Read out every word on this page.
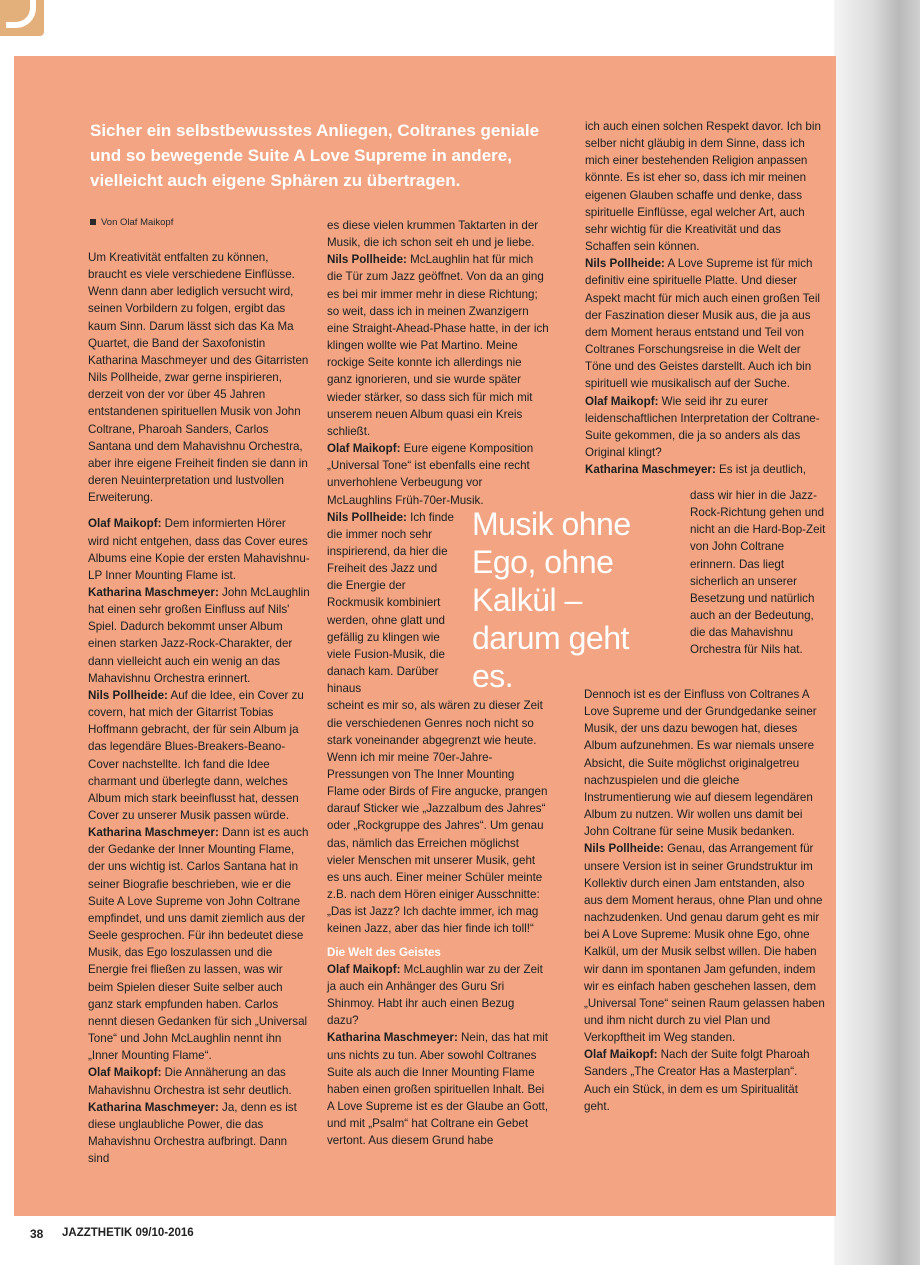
Sicher ein selbstbewusstes Anliegen, Coltranes geniale und so bewegende Suite A Love Supreme in andere, vielleicht auch eigene Sphären zu übertragen.

Von Olaf Maikopf

Um Kreativität entfalten zu können, braucht es viele verschiedene Einflüsse. Wenn dann aber lediglich versucht wird, seinen Vorbildern zu folgen, ergibt das kaum Sinn. Darum lässt sich das Ka Ma Quartet, die Band der Saxofonistin Katharina Maschmeyer und des Gitarristen Nils Pollheide, zwar gerne inspirieren, derzeit von der vor über 45 Jahren entstandenen spirituellen Musik von John Coltrane, Pharoah Sanders, Carlos Santana und dem Mahavishnu Orchestra, aber ihre eigene Freiheit finden sie dann in deren Neuinterpretation und lustvollen Erweiterung.

Olaf Maikopf: Dem informierten Hörer wird nicht entgehen, dass das Cover eures Albums eine Kopie der ersten Mahavishnu-LP Inner Mounting Flame ist.

Katharina Maschmeyer: John McLaughlin hat einen sehr großen Einfluss auf Nils' Spiel. Dadurch bekommt unser Album einen starken Jazz-Rock-Charakter, der dann vielleicht auch ein wenig an das Mahavishnu Orchestra erinnert.

Nils Pollheide: Auf die Idee, ein Cover zu covern, hat mich der Gitarrist Tobias Hoffmann gebracht, der für sein Album ja das legendäre Blues-Breakers-Beano-Cover nachstellte. Ich fand die Idee charmant und überlegte dann, welches Album mich stark beeinflusst hat, dessen Cover zu unserer Musik passen würde.

Katharina Maschmeyer: Dann ist es auch der Gedanke der Inner Mounting Flame, der uns wichtig ist. Carlos Santana hat in seiner Biografie beschrieben, wie er die Suite A Love Supreme von John Coltrane empfindet, und uns damit ziemlich aus der Seele gesprochen. Für ihn bedeutet diese Musik, das Ego loszulassen und die Energie frei fließen zu lassen, was wir beim Spielen dieser Suite selber auch ganz stark empfunden haben. Carlos nennt diesen Gedanken für sich „Universal Tone“ und John McLaughlin nennt ihn „Inner Mounting Flame“.

Olaf Maikopf: Die Annäherung an das Mahavishnu Orchestra ist sehr deutlich.

Katharina Maschmeyer: Ja, denn es ist diese unglaubliche Power, die das Mahavishnu Orchestra aufbringt. Dann sind

es diese vielen krummen Taktarten in der Musik, die ich schon seit eh und je liebe.

Nils Pollheide: McLaughlin hat für mich die Tür zum Jazz geöffnet. Von da an ging es bei mir immer mehr in diese Richtung; so weit, dass ich in meinen Zwanzigern eine Straight-Ahead-Phase hatte, in der ich klingen wollte wie Pat Martino. Meine rockige Seite konnte ich allerdings nie ganz ignorieren, und sie wurde später wieder stärker, so dass sich für mich mit unserem neuen Album quasi ein Kreis schließt.

Olaf Maikopf: Eure eigene Komposition „Universal Tone“ ist ebenfalls eine recht unverhohlene Verbeugung vor McLaughlins Früh-70er-Musik.

Nils Pollheide: Ich finde die immer noch sehr inspirierend, da hier die Freiheit des Jazz und die Energie der Rockmusik kombiniert werden, ohne glatt und gefällig zu klingen wie viele Fusion-Musik, die danach kam. Darüber hinaus

scheint es mir so, als wären zu dieser Zeit die verschiedenen Genres noch nicht so stark voneinander abgegrenzt wie heute. Wenn ich mir meine 70er-Jahre-Pressungen von The Inner Mounting Flame oder Birds of Fire angucke, prangen darauf Sticker wie „Jazzalbum des Jahres“ oder „Rockgruppe des Jahres“. Um genau das, nämlich das Erreichen möglichst vieler Menschen mit unserer Musik, geht es uns auch. Einer meiner Schüler meinte z.B. nach dem Hören einiger Ausschnitte: „Das ist Jazz? Ich dachte immer, ich mag keinen Jazz, aber das hier finde ich toll!“

Die Welt des Geistes

Olaf Maikopf: McLaughlin war zu der Zeit ja auch ein Anhänger des Guru Sri Shinmoy. Habt ihr auch einen Bezug dazu?

Katharina Maschmeyer: Nein, das hat mit uns nichts zu tun. Aber sowohl Coltranes Suite als auch die Inner Mounting Flame haben einen großen spirituellen Inhalt. Bei A Love Supreme ist es der Glaube an Gott, und mit „Psalm“ hat Coltrane ein Gebet vertont. Aus diesem Grund habe

Musik ohne Ego, ohne Kalkül – darum geht es.

ich auch einen solchen Respekt davor. Ich bin selber nicht gläubig in dem Sinne, dass ich mich einer bestehenden Religion anpassen könnte. Es ist eher so, dass ich mir meinen eigenen Glauben schaffe und denke, dass spirituelle Einflüsse, egal welcher Art, auch sehr wichtig für die Kreativität und das Schaffen sein können.

Nils Pollheide: A Love Supreme ist für mich definitiv eine spirituelle Platte. Und dieser Aspekt macht für mich auch einen großen Teil der Faszination dieser Musik aus, die ja aus dem Moment heraus entstand und Teil von Coltranes Forschungsreise in die Welt der Töne und des Geistes darstellt. Auch ich bin spirituell wie musikalisch auf der Suche.

Olaf Maikopf: Wie seid ihr zu eurer leidenschaftlichen Interpretation der Coltrane-Suite gekommen, die ja so anders als das Original klingt?

Katharina Maschmeyer: Es ist ja deutlich,

dass wir hier in die Jazz-Rock-Richtung gehen und nicht an die Hard-Bop-Zeit von John Coltrane erinnern. Das liegt sicherlich an unserer Besetzung und natürlich auch an der Bedeutung, die das Mahavishnu Orchestra für Nils hat.

Dennoch ist es der Einfluss von Coltranes A Love Supreme und der Grundgedanke seiner Musik, der uns dazu bewogen hat, dieses Album aufzunehmen. Es war niemals unsere Absicht, die Suite möglichst originalgetreu nachzuspielen und die gleiche Instrumentierung wie auf diesem legendären Album zu nutzen. Wir wollen uns damit bei John Coltrane für seine Musik bedanken.

Nils Pollheide: Genau, das Arrangement für unsere Version ist in seiner Grundstruktur im Kollektiv durch einen Jam entstanden, also aus dem Moment heraus, ohne Plan und ohne nachzudenken. Und genau darum geht es mir bei A Love Supreme: Musik ohne Ego, ohne Kalkül, um der Musik selbst willen. Die haben wir dann im spontanen Jam gefunden, indem wir es einfach haben geschehen lassen, dem „Universal Tone“ seinen Raum gelassen haben und ihm nicht durch zu viel Plan und Verkopftheit im Weg standen.

Olaf Maikopf: Nach der Suite folgt Pharoah Sanders „The Creator Has a Masterplan“. Auch ein Stück, in dem es um Spiritualität geht.

38 JAZZTHETIK 09/10-2016
